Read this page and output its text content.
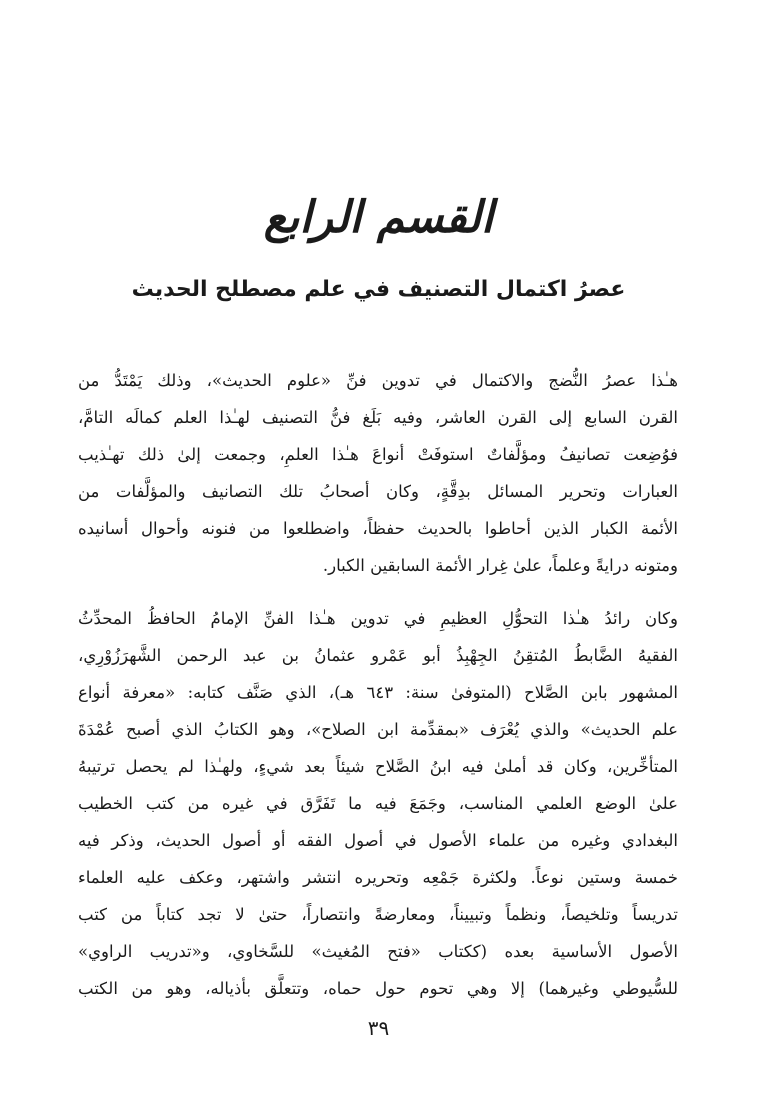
القسم الرابع
عصرُ اكتمال التصنيف في علم مصطلح الحديث
هـٰذا عصرُ النُّضج والاكتمال في تدوين فنِّ «علوم الحديث»، وذلك يَمْتَدُّ من
القرن السابع إلى القرن العاشر، وفيه بَلَغ فنُّ التصنيف لهـٰذا العلم كمالَه التامَّ،
فوُضِعت تصانيفُ ومؤلَّفاتٌ استوفَتْ أنواعَ هـٰذا العلمِ، وجمعت إلىٰ ذلك تهـٰذيب
العبارات وتحرير المسائل بدِقَّةٍ، وكان أصحابُ تلك التصانيف والمؤلَّفات من
الأئمة الكبار الذين أحاطوا بالحديث حفظاً، واضطلعوا من فنونه وأحوال أسانيده
ومتونه درايةً وعلماً، علىٰ غِرار الأئمة السابقين الكبار.
وكان رائدُ هـٰذا التحوُّلِ العظيمِ في تدوين هـٰذا الفنِّ الإمامُ الحافظُ المحدِّثُ
الفقيهُ الضَّابطُ المُتقِنُ الجِهْبِذُ أبو عَمْرو عثمانُ بن عبد الرحمن الشَّهرَزُوْرِي،
المشهور بابن الصَّلاح (المتوفىٰ سنة: ٦٤٣ هـ)، الذي صَنَّف كتابه: «معرفة أنواع
علم الحديث» والذي يُعْرَف «بمقدِّمة ابن الصلاح»، وهو الكتابُ الذي أصبح عُمْدَةَ
المتأخِّرين، وكان قد أملىٰ فيه ابنُ الصَّلاح شيئاً بعد شيءٍ، ولهـٰذا لم يحصل ترتيبهُ
علىٰ الوضع العلمي المناسب، وجَمَعَ فيه ما تَفَرَّق في غيره من كتب الخطيب
البغدادي وغيره من علماء الأصول في أصول الفقه أو أصول الحديث، وذكر فيه
خمسة وستين نوعاً. ولكثرة جَمْعِه وتحريره انتشر واشتهر، وعكف عليه العلماء
تدريساً وتلخيصاً، ونظماً وتبييناً، ومعارضةً وانتصاراً، حتىٰ لا تجد كتاباً من كتب
الأصول الأساسية بعده (ككتاب «فتح المُغيث» للسَّخاوي، و«تدريب الراوي»
للسُّيوطي وغيرهما) إلا وهي تحوم حول حماه، وتتعلَّق بأذياله، وهو من الكتب
٣٩
